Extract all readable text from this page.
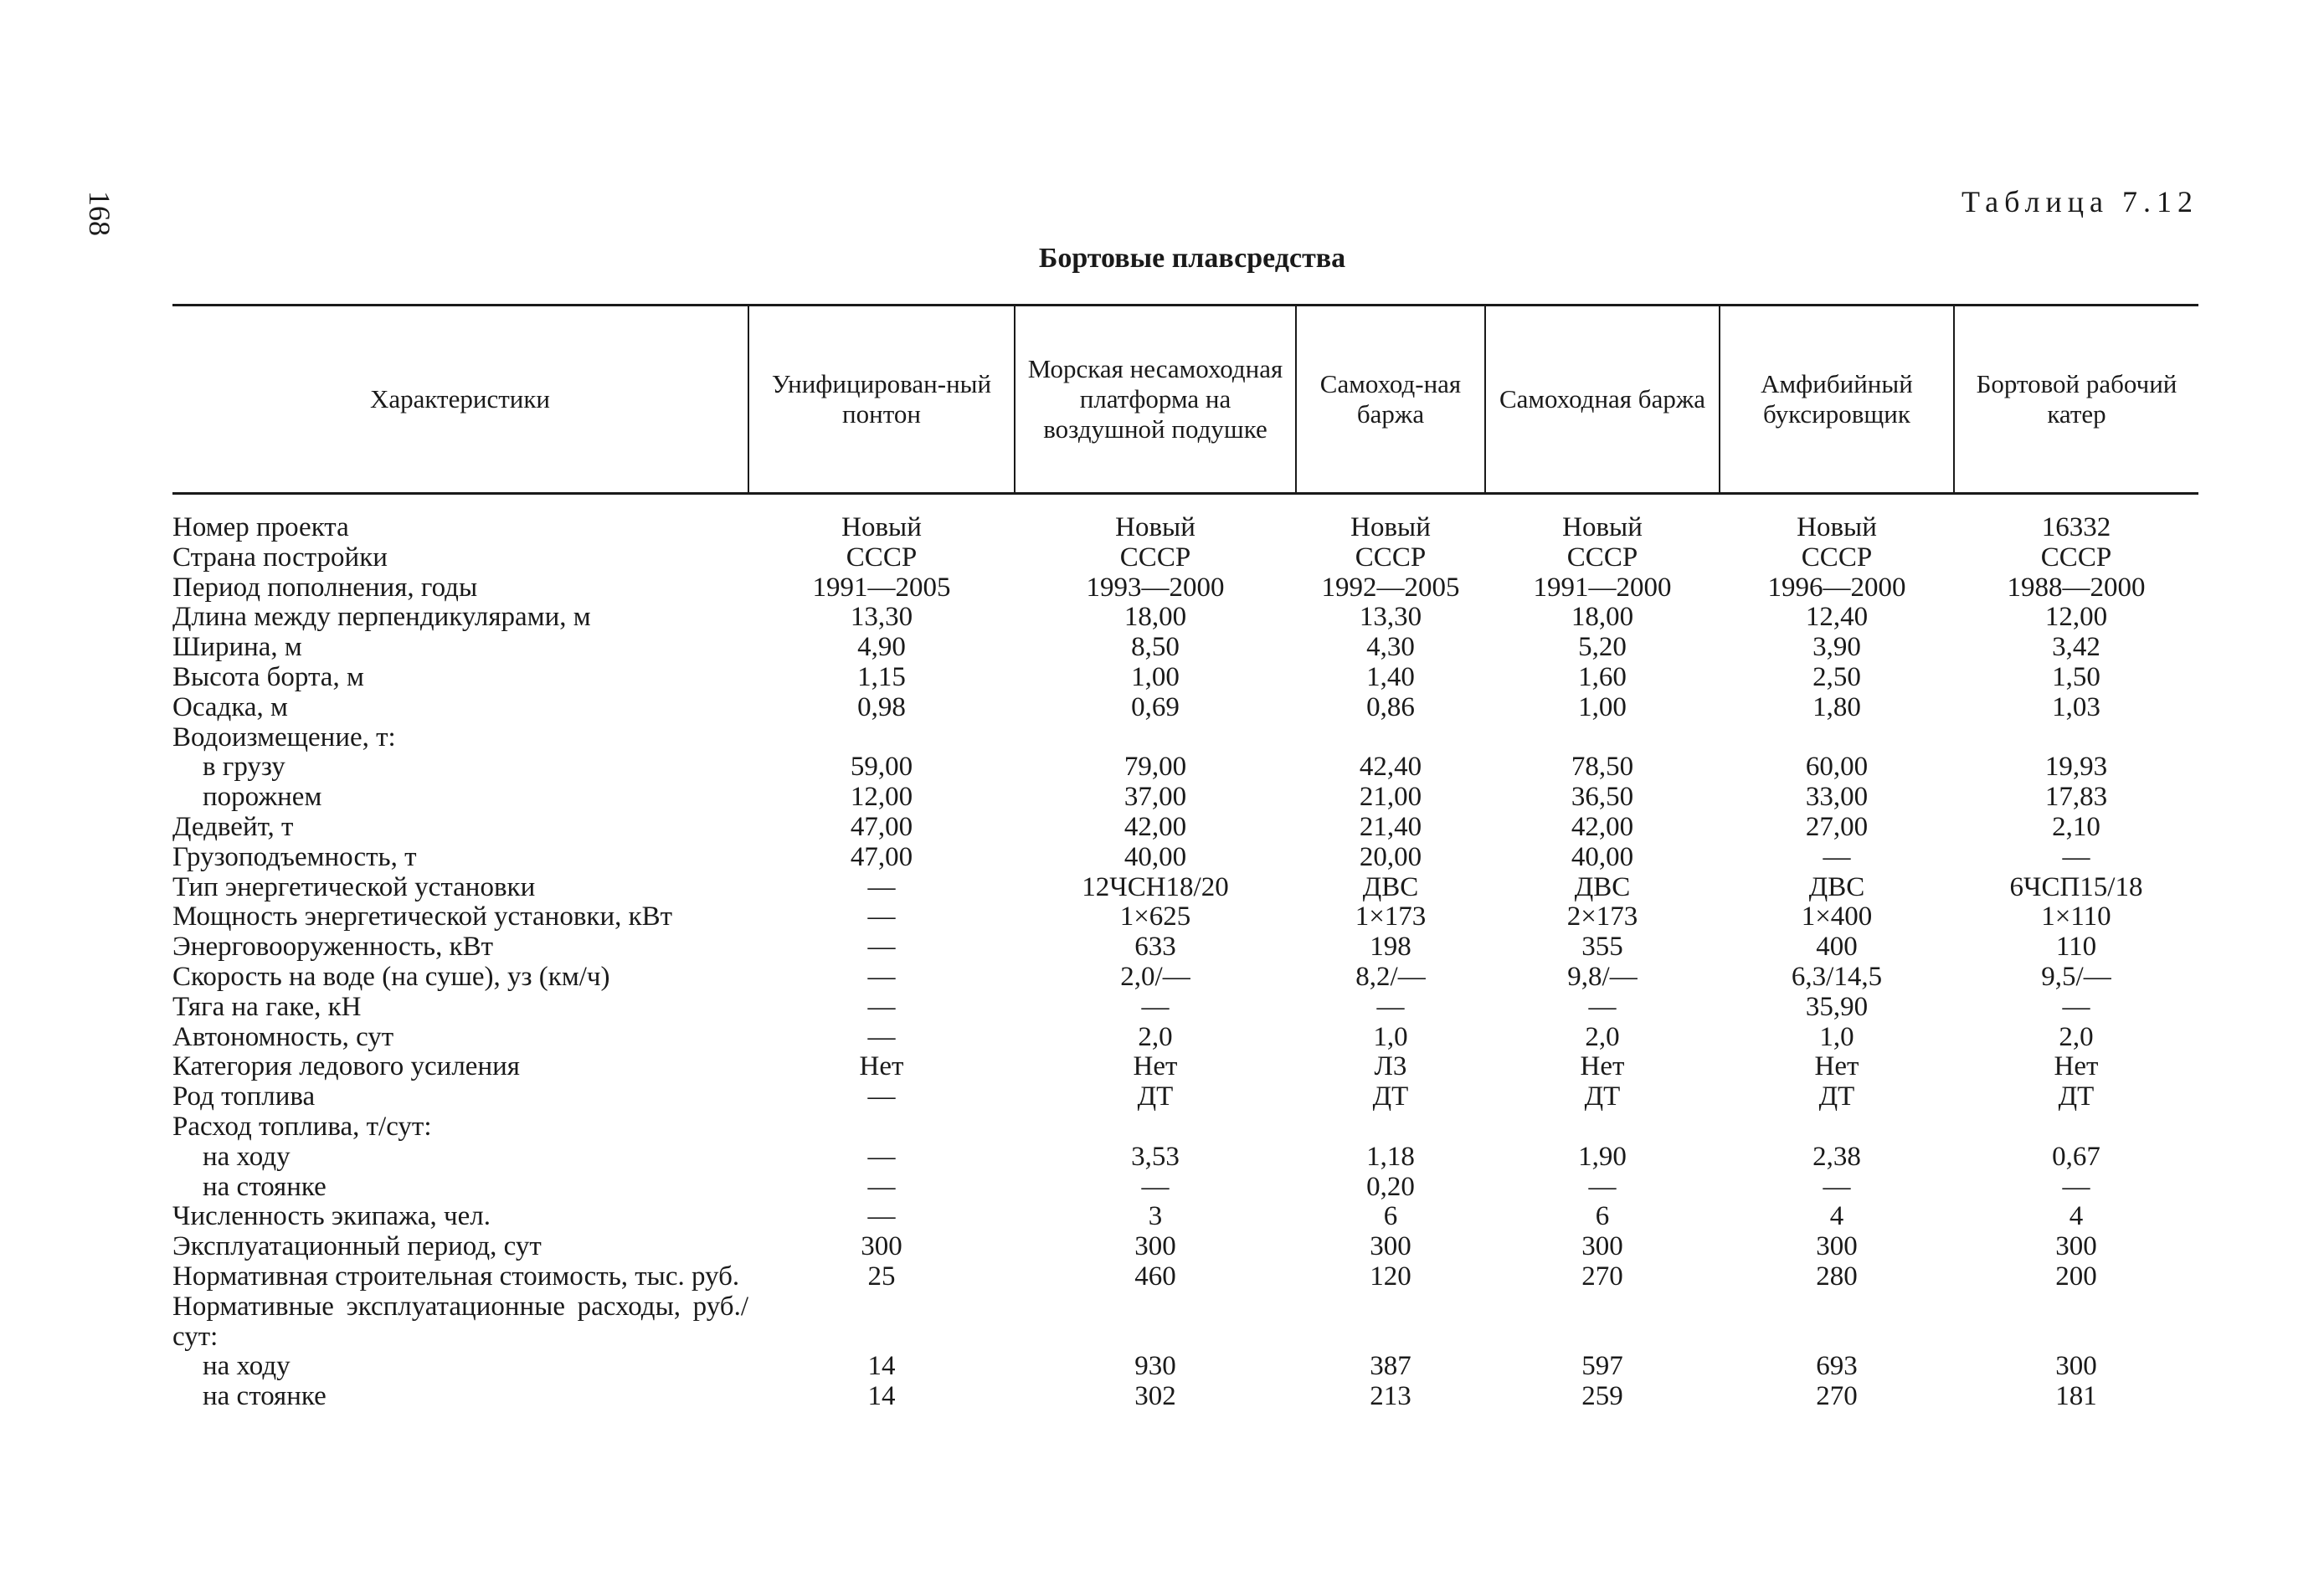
168	Таблица 7.12
Бортовые плавсредства
Характеристики	Унифицирован-ный понтон	Морская несамоходная платформа на воздушной подушке	Самоход-ная баржа	Самоходная баржа	Амфибийный буксировщик	Бортовой рабочий катер
Номер проекта	Новый	Новый	Новый	Новый	Новый	16332
Страна постройки	СССР	СССР	СССР	СССР	СССР	СССР
Период пополнения, годы	1991—2005	1993—2000	1992—2005	1991—2000	1996—2000	1988—2000
Длина между перпендикулярами, м	13,30	18,00	13,30	18,00	12,40	12,00
Ширина, м	4,90	8,50	4,30	5,20	3,90	3,42
Высота борта, м	1,15	1,00	1,40	1,60	2,50	1,50
Осадка, м	0,98	0,69	0,86	1,00	1,80	1,03
Водоизмещение, т:						
в грузу	59,00	79,00	42,40	78,50	60,00	19,93
порожнем	12,00	37,00	21,00	36,50	33,00	17,83
Дедвейт, т	47,00	42,00	21,40	42,00	27,00	2,10
Грузоподъемность, т	47,00	40,00	20,00	40,00	—	—
Тип энергетической установки	—	12ЧСН18/20	ДВС	ДВС	ДВС	6ЧСП15/18
Мощность энергетической установки, кВт	—	1×625	1×173	2×173	1×400	1×110
Энерговооруженность, кВт	—	633	198	355	400	110
Скорость на воде (на суше), уз (км/ч)	—	2,0/—	8,2/—	9,8/—	6,3/14,5	9,5/—
Тяга на гаке, кН	—	—	—	—	35,90	—
Автономность, сут	—	2,0	1,0	2,0	1,0	2,0
Категория ледового усиления	Нет	Нет	Л3	Нет	Нет	Нет
Род топлива	—	ДТ	ДТ	ДТ	ДТ	ДТ
Расход топлива, т/сут:						
на ходу	—	3,53	1,18	1,90	2,38	0,67
на стоянке	—	—	0,20	—	—	—
Численность экипажа, чел.	—	3	6	6	4	4
Эксплуатационный период, сут	300	300	300	300	300	300
Нормативная строительная стоимость, тыс. руб.	25	460	120	270	280	200
Нормативные эксплуатационные расходы, руб./сут:						
на ходу	14	930	387	597	693	300
на стоянке	14	302	213	259	270	181
